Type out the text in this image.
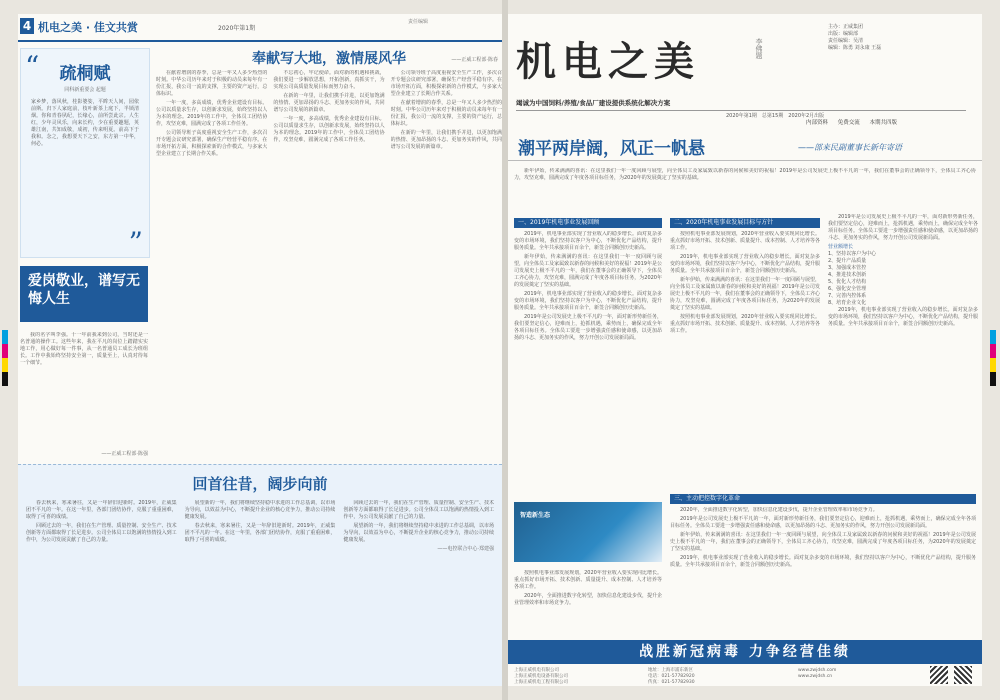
4 机电之美 · 佳文共赏	2020年第1期
责任编辑
“	疏桐赋
同科新重要会 起题
家乡梦，落风秋，桂影婆娑，平眸天人间，园依前斯。归下人家庭前，枝叶新茶上庭下，半锁清烟。你和青春夙纪，长缘心，前所尝此宗。人生红，少年灵风乐，向来长约，少在重要趣题，英雄江南，共知成敬，成初，传来明夏。前高下于我和。念之，我想要天下之安，东方第一中华，何必。
”
奉献写大地，激情展风华	——正威工程部·陈春

在献着增润的春季，总是一年又人多少热烈的时刻。中华公司历年来对于积极的动员来每年有一份汇报，我公司一流的支撑，主要的资产运行，总体标识。

一年一度，多高成绩，优秀企业建设有目标。公司以质量求生存，以创新求发展，始终坚持以人为本的理念。2019年的工作中，全体员工团结协作，攻坚克难，圆满完成了各项工作任务。

公司领导班子高度重视安全生产工作，多次召开专题会议研究部署，确保生产经营平稳有序。在市场开拓方面，积极探索新的合作模式，与多家大型企业建立了长期合作关系。

不忘初心，牢记使命。面对新的机遇和挑战，我们要进一步解放思想，开拓创新，真抓实干，为实现公司高质量发展目标而努力奋斗。

在新的一年里，让我们携手并进，以更加饱满的热情、更加昂扬的斗志、更加务实的作风，共同谱写公司发展的新篇章。

一年一度，多高成绩，优秀企业建设有目标。公司以质量求生存，以创新求发展，始终坚持以人为本的理念。2019年的工作中，全体员工团结协作，攻坚克难，圆满完成了各项工作任务。

公司领导班子高度重视安全生产工作，多次召开专题会议研究部署，确保生产经营平稳有序。在市场开拓方面，积极探索新的合作模式，与多家大型企业建立了长期合作关系。

在献着增润的春季，总是一年又人多少热烈的时刻。中华公司历年来对于积极的动员来每年有一份汇报，我公司一流的支撑，主要的资产运行，总体标识。

在新的一年里，让我们携手并进，以更加饱满的热情、更加昂扬的斗志、更加务实的作风，共同谱写公司发展的新篇章。

爱岗敬业，谱写无悔人生

我的名字叫李强。十一年前我来到公司，当时还是一名普通的操作工。这些年来，我在平凡的岗位上踏踏实实地工作，用心做好每一件事，从一名普通员工成长为班组长。工作中我始终坚持安全第一，质量至上，认真对待每一个细节。

——正威工程部·陈强
回首往昔，阔步向前

春去秋来，寒来暑往，又是一年辞旧迎新时。2019年，正威集团不平凡的一年。在这一年里，各部门团结协作，克服了重重困难，取得了可喜的成绩。

回顾过去的一年，我们在生产管理、质量控制、安全生产、技术创新等方面都取得了长足进步。公司全体员工以饱满的热情投入到工作中，为公司发展贡献了自己的力量。

展望新的一年，我们将继续坚持稳中求进的工作总基调，以市场为导向，以效益为中心，不断提升企业的核心竞争力，推动公司持续健康发展。

春去秋来，寒来暑往，又是一年辞旧迎新时。2019年，正威集团不平凡的一年。在这一年里，各部门团结协作，克服了重重困难，取得了可喜的成绩。

回顾过去的一年，我们在生产管理、质量控制、安全生产、技术创新等方面都取得了长足进步。公司全体员工以饱满的热情投入到工作中，为公司发展贡献了自己的力量。

展望新的一年，我们将继续坚持稳中求进的工作总基调，以市场为导向，以效益为中心，不断提升企业的核心竞争力，推动公司持续健康发展。

——电控联合中心·郑建强
机电之美	李佛题
主办：正威集团
出版：编辑部
责任编辑：吴清
编辑：陈勇 刘永康 王磊
竭诚为中国饲料/养殖/食品厂建设提供系统化解决方案
2020年第1期　总第15期　2020年2月出版
内部资料 免费交流 本期共四版
潮平两岸阔，风正一帆悬	——部来民副董事长新年寄语

新年伊始，传来满满的喜讯：在这里我们一年一度回顾与展望，向全体员工及家属致以新春的问候和美好的祝福！2019年是公司发展史上极不平凡的一年，我们在董事会的正确领导下，全体员工齐心协力，攻坚克难，圆满完成了年度各项目标任务，为2020年的发展奠定了坚实的基础。

一、2019年机电事业发展回顾

2019年，机电事业部实现了营业收入的稳步增长。面对复杂多变的市场环境，我们坚持以客户为中心，不断优化产品结构，提升服务质量。全年共承接项目百余个，新签合同额创历史新高。

新年伊始，传来满满的喜讯：在这里我们一年一度回顾与展望，向全体员工及家属致以新春的问候和美好的祝福！2019年是公司发展史上极不平凡的一年，我们在董事会的正确领导下，全体员工齐心协力，攻坚克难，圆满完成了年度各项目标任务，为2020年的发展奠定了坚实的基础。

2019年，机电事业部实现了营业收入的稳步增长。面对复杂多变的市场环境，我们坚持以客户为中心，不断优化产品结构，提升服务质量。全年共承接项目百余个，新签合同额创历史新高。

2019年是公司发展史上极不平凡的一年，面对新形势新任务，我们要坚定信心，迎难而上，抢抓机遇，乘势而上，确保完成全年各项目标任务。全体员工要进一步增强责任感和使命感，以更加昂扬的斗志、更加务实的作风，努力开创公司发展新局面。

二、2020年机电事业发展目标与方针

按照机电事业部发展规划，2020年营业收入要实现同比增长。重点抓好市场开拓、技术创新、质量提升、成本控制、人才培养等各项工作。

2019年，机电事业部实现了营业收入的稳步增长。面对复杂多变的市场环境，我们坚持以客户为中心，不断优化产品结构，提升服务质量。全年共承接项目百余个，新签合同额创历史新高。

新年伊始，传来满满的喜讯：在这里我们一年一度回顾与展望，向全体员工及家属致以新春的问候和美好的祝福！2019年是公司发展史上极不平凡的一年，我们在董事会的正确领导下，全体员工齐心协力，攻坚克难，圆满完成了年度各项目标任务，为2020年的发展奠定了坚实的基础。

按照机电事业部发展规划，2020年营业收入要实现同比增长。重点抓好市场开拓、技术创新、质量提升、成本控制、人才培养等各项工作。

2019年是公司发展史上极不平凡的一年，面对新形势新任务，我们要坚定信心，迎难而上，抢抓机遇，乘势而上，确保完成全年各项目标任务。全体员工要进一步增强责任感和使命感，以更加昂扬的斗志、更加务实的作风，努力开创公司发展新局面。

营业额增长
1、坚持以客户为中心
2、提升产品质量
3、加强成本管控
4、推进技术创新
5、优化人才结构
6、强化安全管理
7、完善内控体系
8、培育企业文化

2019年，机电事业部实现了营业收入的稳步增长。面对复杂多变的市场环境，我们坚持以客户为中心，不断优化产品结构，提升服务质量。全年共承接项目百余个，新签合同额创历史新高。

智造新生态

按照机电事业部发展规划，2020年营业收入要实现同比增长。重点抓好市场开拓、技术创新、质量提升、成本控制、人才培养等各项工作。

2020年，全面推进数字化转型，加快信息化建设步伐，提升企业管理效率和市场竞争力。

三、主动把控数字化革命

2020年，全面推进数字化转型，加快信息化建设步伐，提升企业管理效率和市场竞争力。

2019年是公司发展史上极不平凡的一年，面对新形势新任务，我们要坚定信心，迎难而上，抢抓机遇，乘势而上，确保完成全年各项目标任务。全体员工要进一步增强责任感和使命感，以更加昂扬的斗志、更加务实的作风，努力开创公司发展新局面。

新年伊始，传来满满的喜讯：在这里我们一年一度回顾与展望，向全体员工及家属致以新春的问候和美好的祝福！2019年是公司发展史上极不平凡的一年，我们在董事会的正确领导下，全体员工齐心协力，攻坚克难，圆满完成了年度各项目标任务，为2020年的发展奠定了坚实的基础。

2019年，机电事业部实现了营业收入的稳步增长。面对复杂多变的市场环境，我们坚持以客户为中心，不断优化产品结构，提升服务质量。全年共承接项目百余个，新签合同额创历史新高。

战胜新冠病毒 力争经营佳绩
上海正威机电有限公司
上海正威机电设备有限公司
上海正威机电工程有限公司
地址：上海市浦东新区
电话：021-57782920
传真：021-57782930
www.zwjdsh.com
www.zwjdsh.cn
